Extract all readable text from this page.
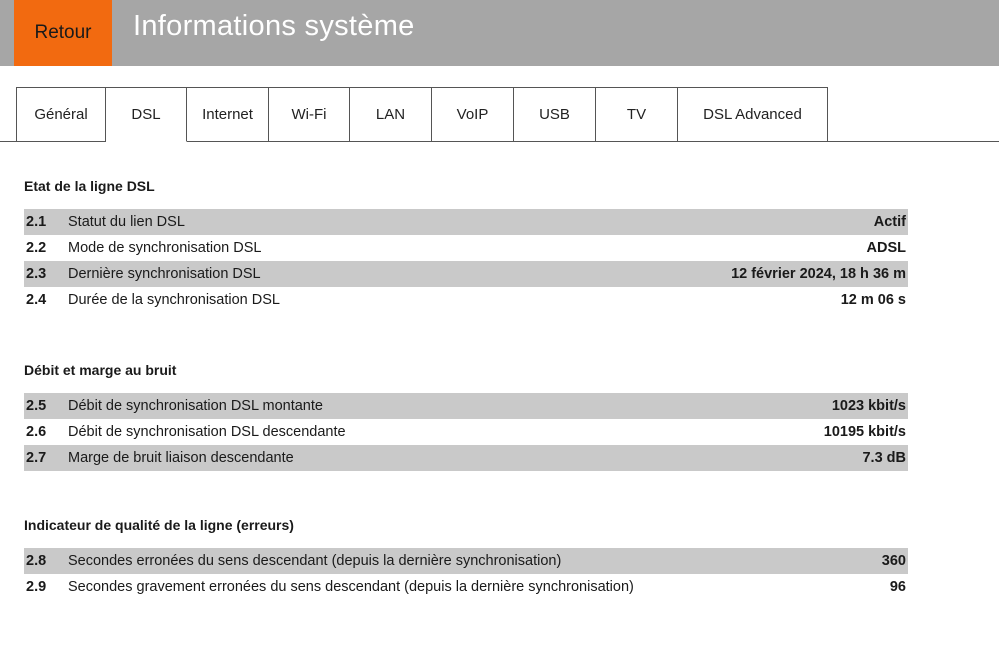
Retour	Informations système
Général	DSL	Internet	Wi-Fi	LAN	VoIP	USB	TV	DSL Advanced
Etat de la ligne DSL
2.1	Statut du lien DSL	Actif
2.2	Mode de synchronisation DSL	ADSL
2.3	Dernière synchronisation DSL	12 février 2024, 18 h 36 m
2.4	Durée de la synchronisation DSL	12 m 06 s
Débit et marge au bruit
2.5	Débit de synchronisation DSL montante	1023 kbit/s
2.6	Débit de synchronisation DSL descendante	10195 kbit/s
2.7	Marge de bruit liaison descendante	7.3 dB
Indicateur de qualité de la ligne (erreurs)
2.8	Secondes erronées du sens descendant (depuis la dernière synchronisation)	360
2.9	Secondes gravement erronées du sens descendant (depuis la dernière synchronisation)	96
